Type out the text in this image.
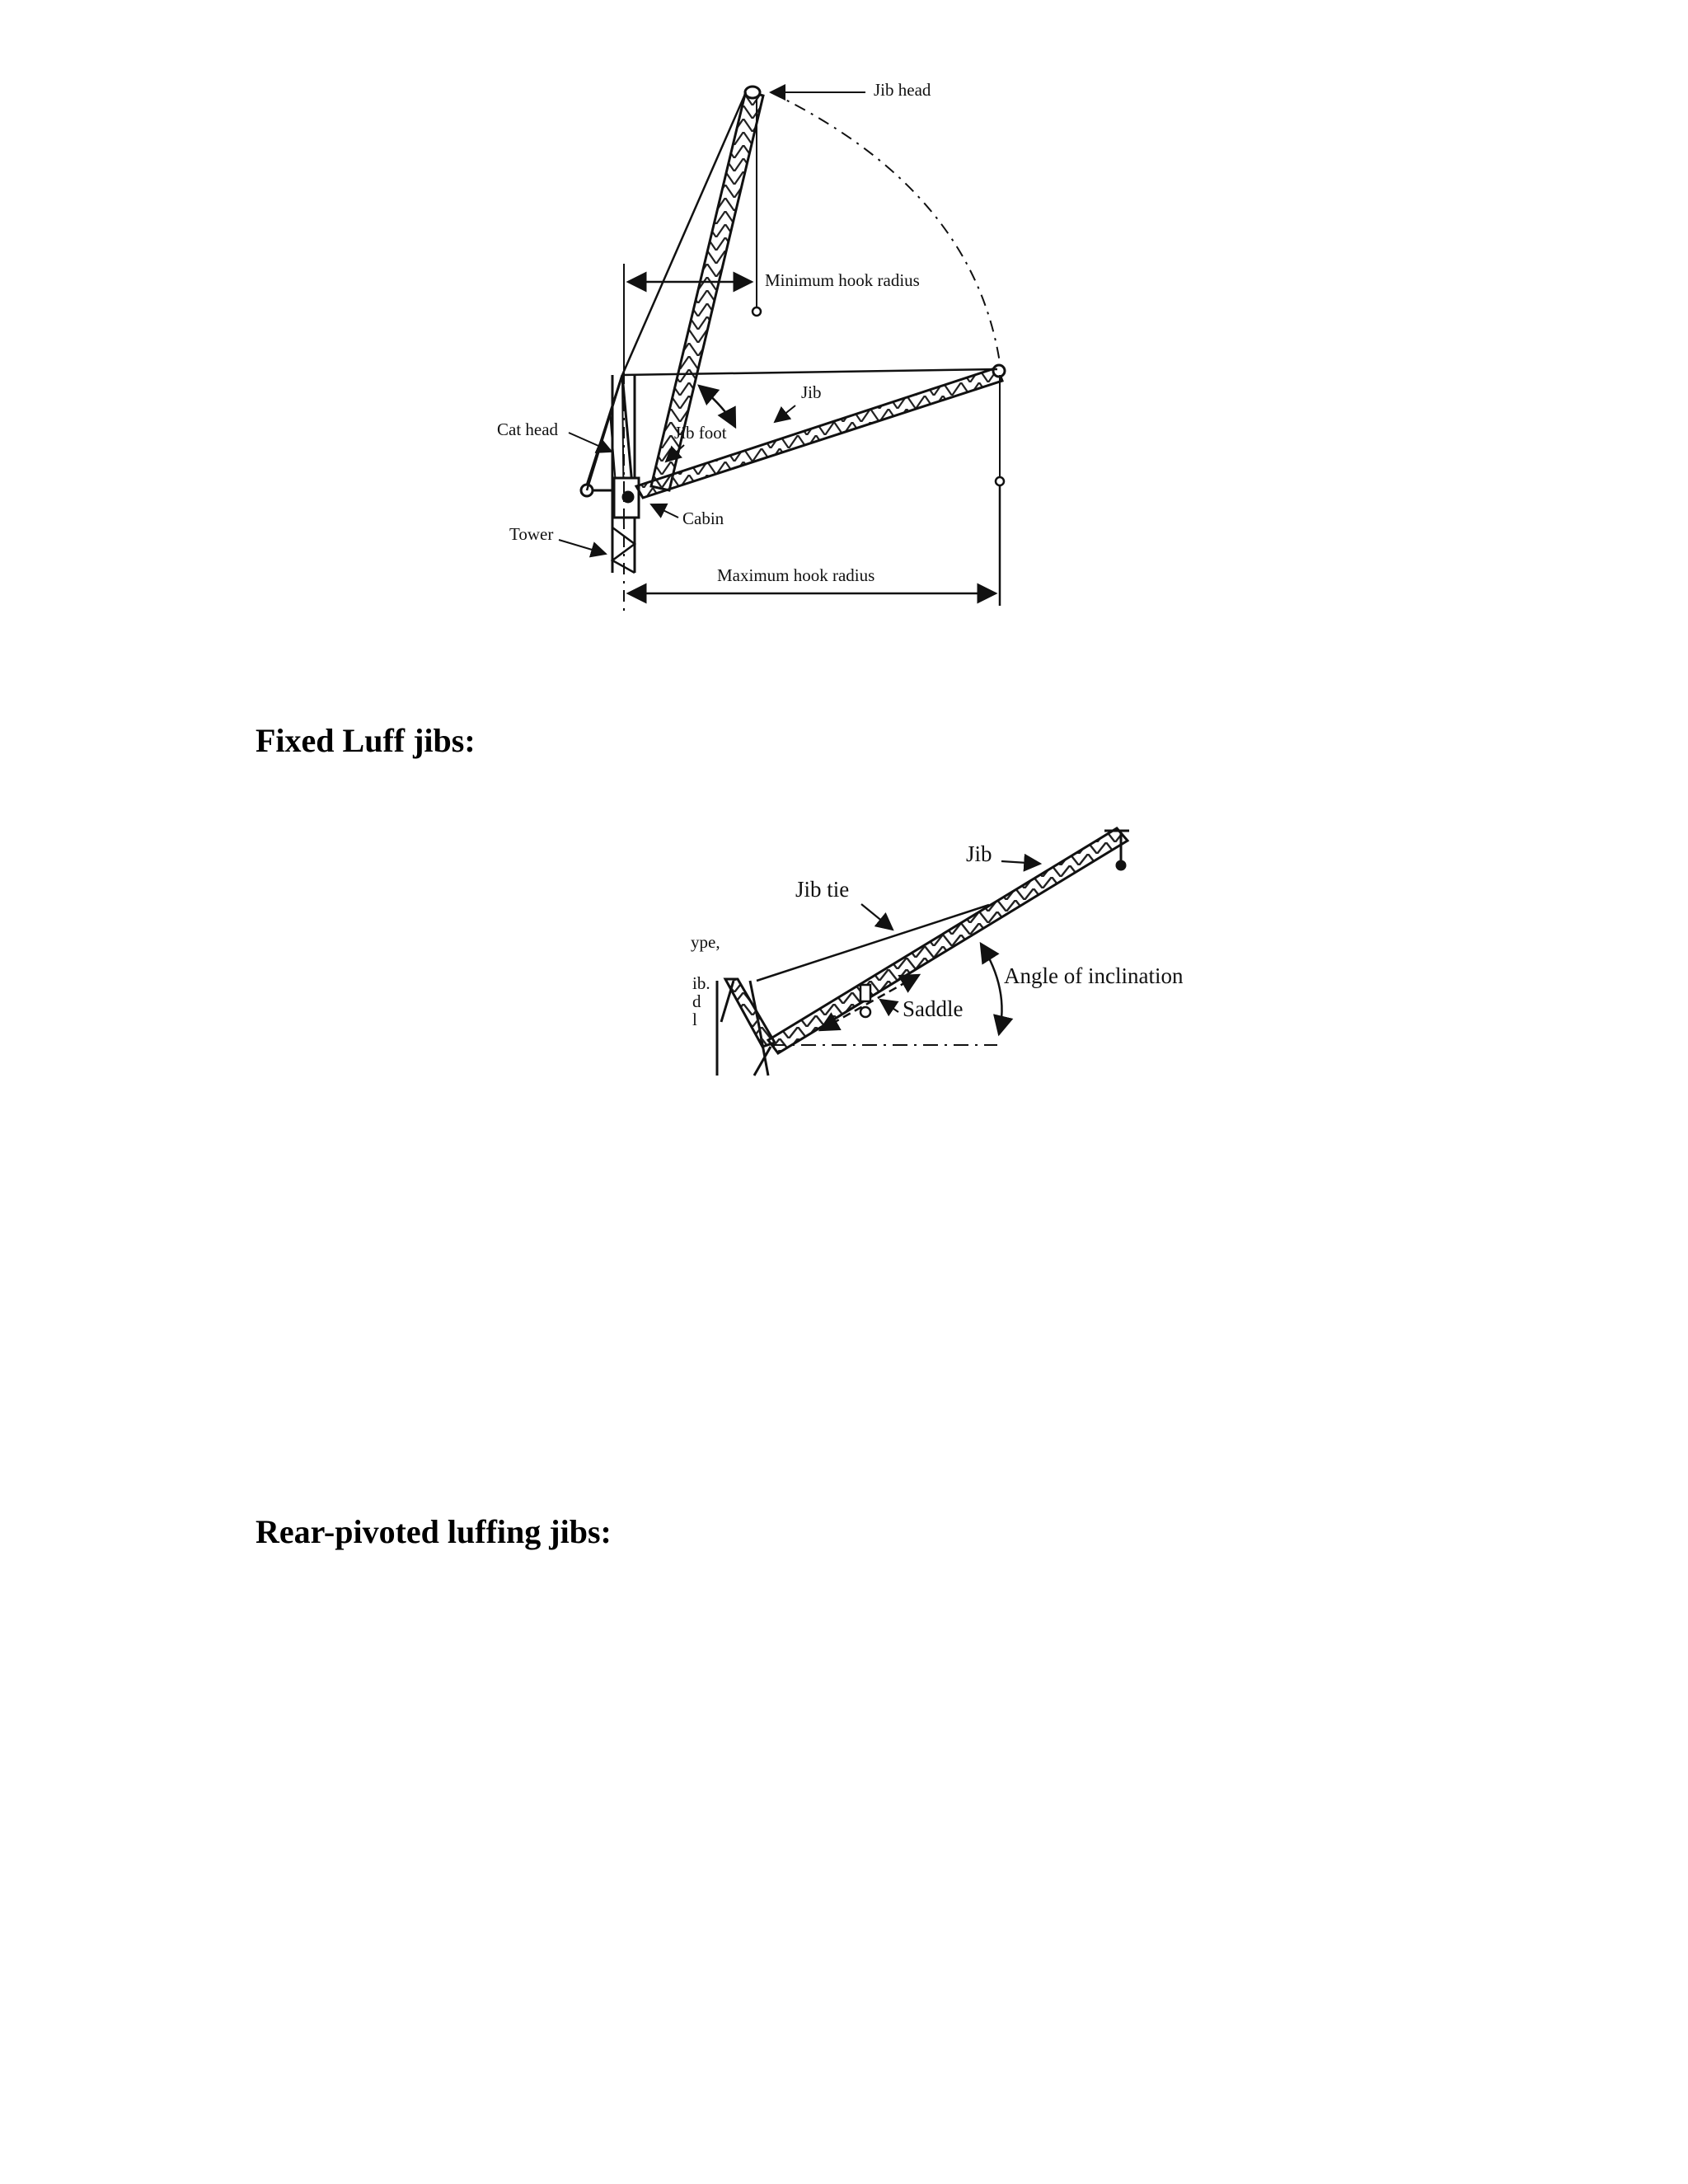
Jib head
Minimum hook radius
Jib
Jib foot
Cat head
Cabin
Tower
Maximum hook radius
Fixed Luff jibs:
Jib
Jib tie
Angle of inclination
Saddle
ype,
ib.
d
l
Rear-pivoted luffing jibs:
